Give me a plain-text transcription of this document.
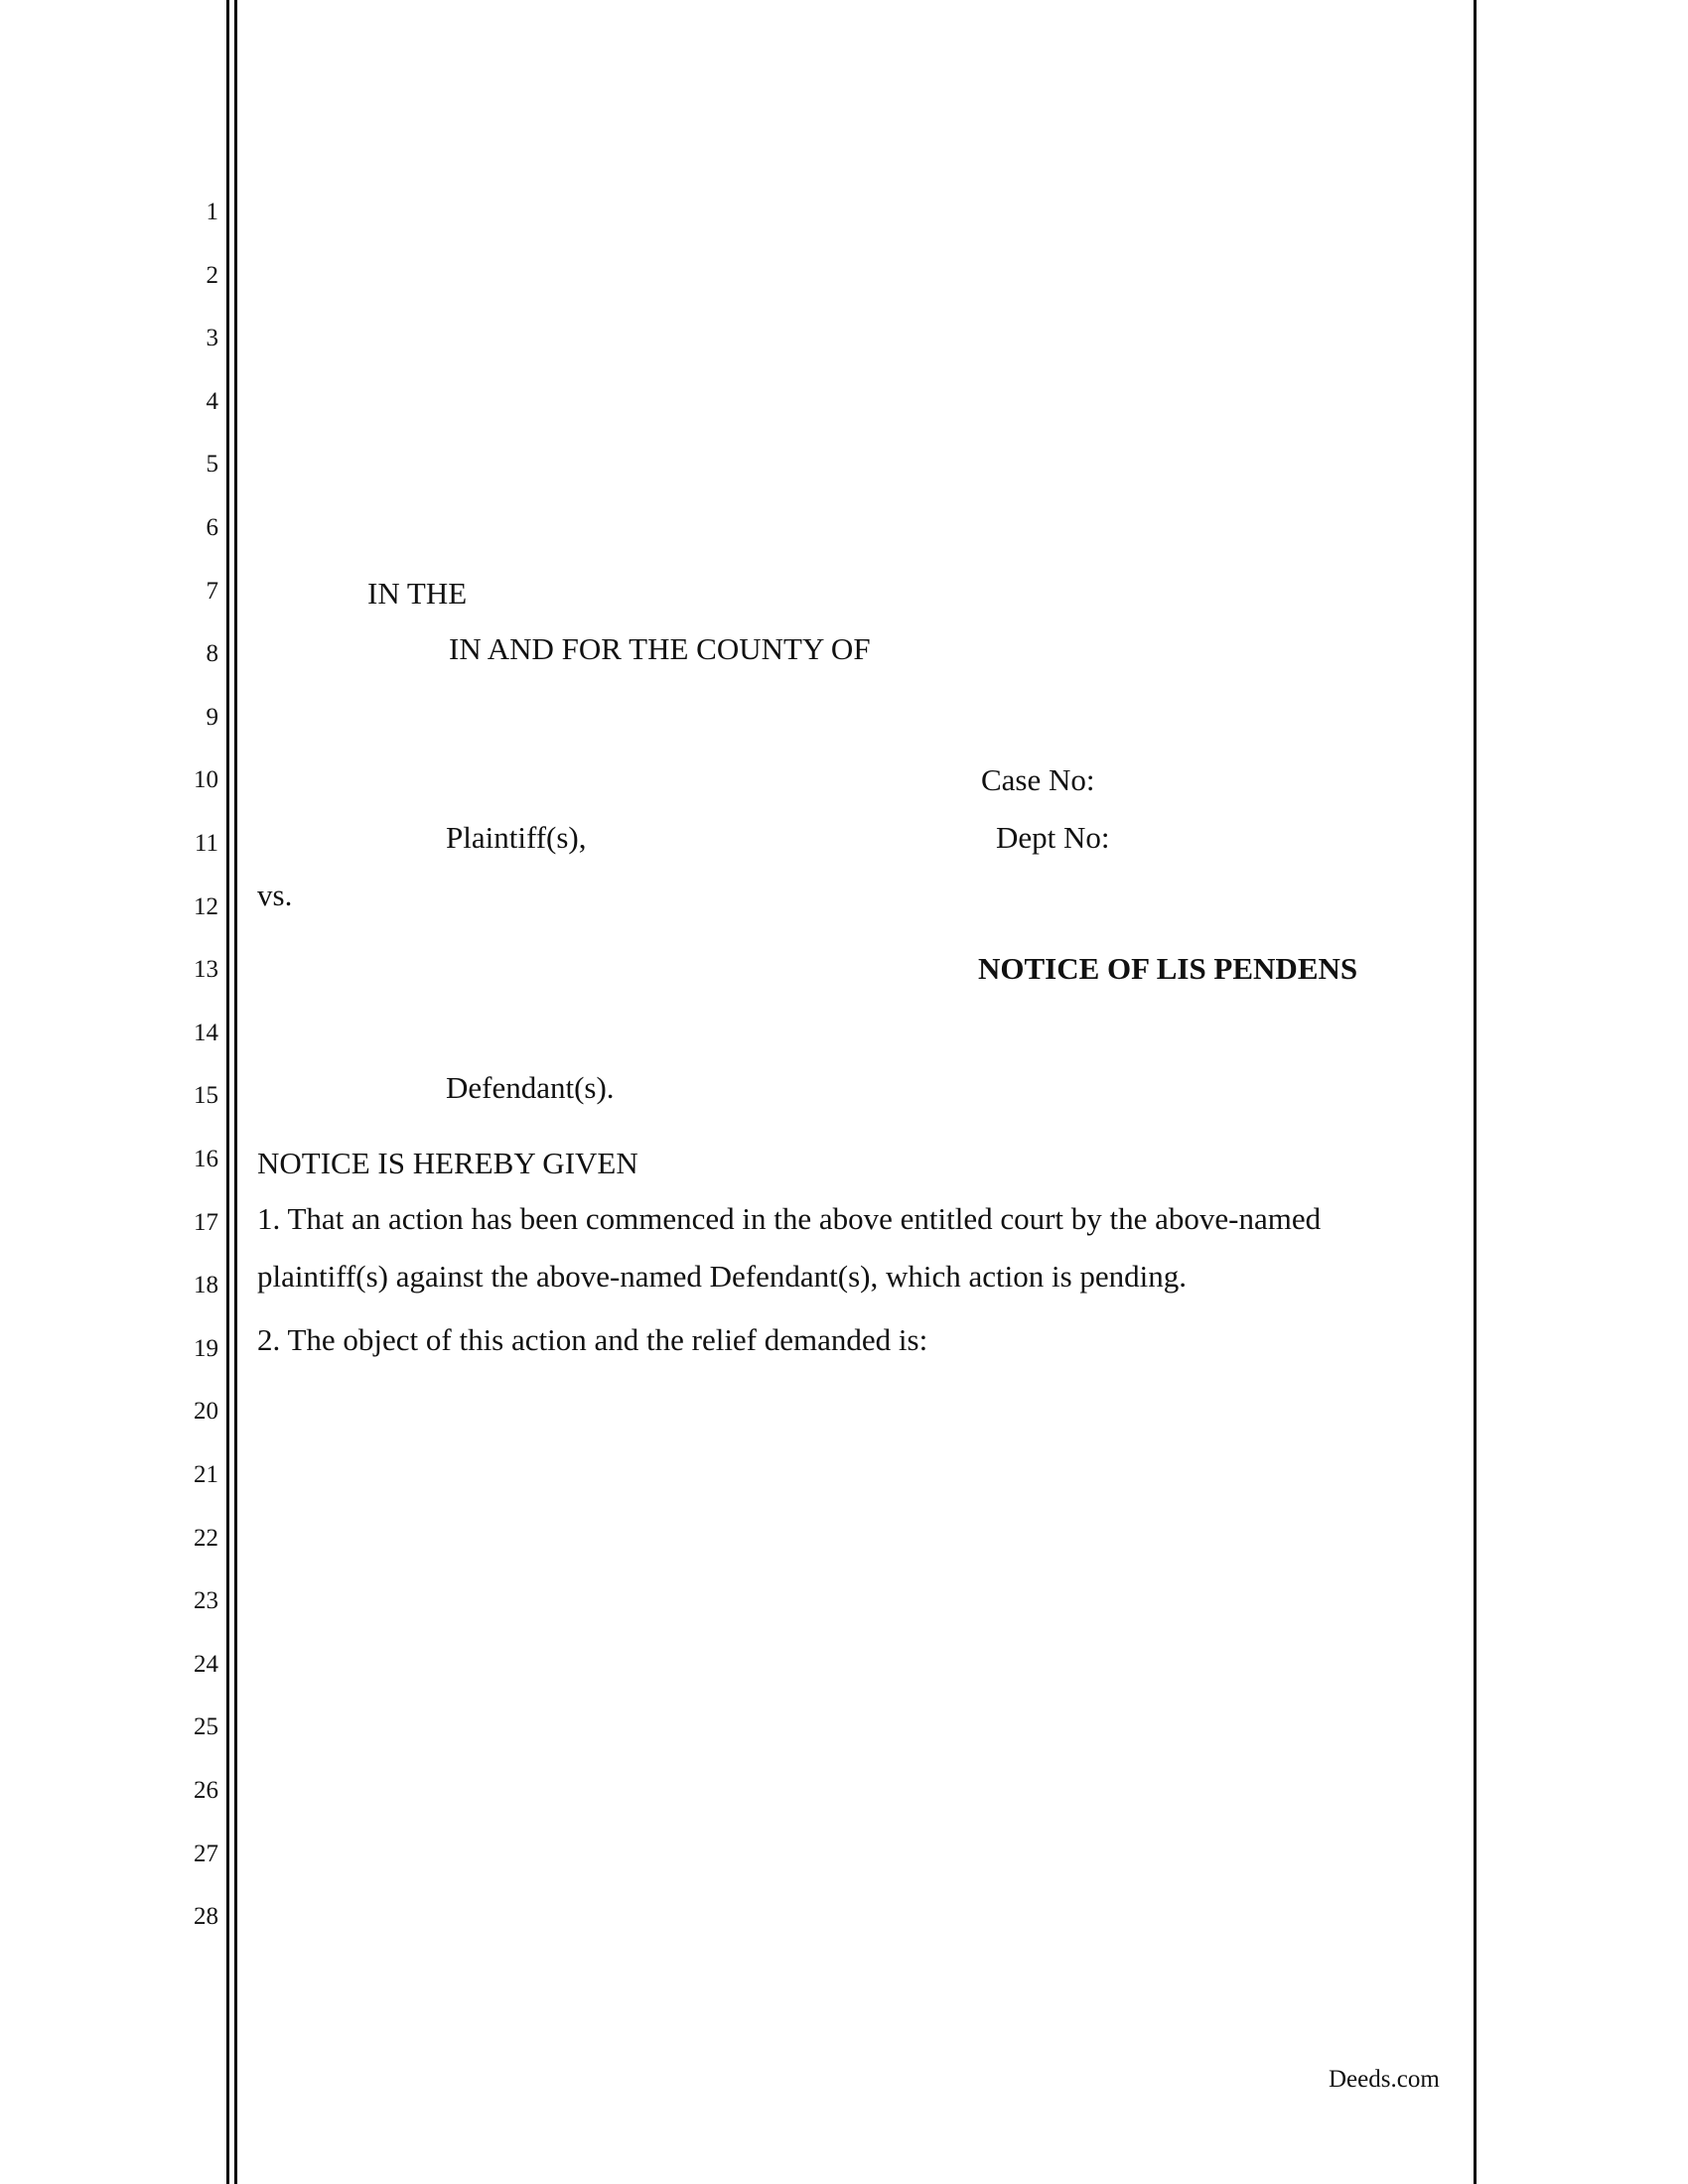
1
2
3
4
5
6
7
8
9
10
11
12
13
14
15
16
17
18
19
20
21
22
23
24
25
26
27
28
IN THE
IN AND FOR THE COUNTY OF
Case No:
Plaintiff(s),	Dept No:
vs.
NOTICE OF LIS PENDENS
Defendant(s).
NOTICE IS HEREBY GIVEN
1. That an action has been commenced in the above entitled court by the above-named
plaintiff(s) against the above-named Defendant(s), which action is pending.
2. The object of this action and the relief demanded is:
Deeds.com
